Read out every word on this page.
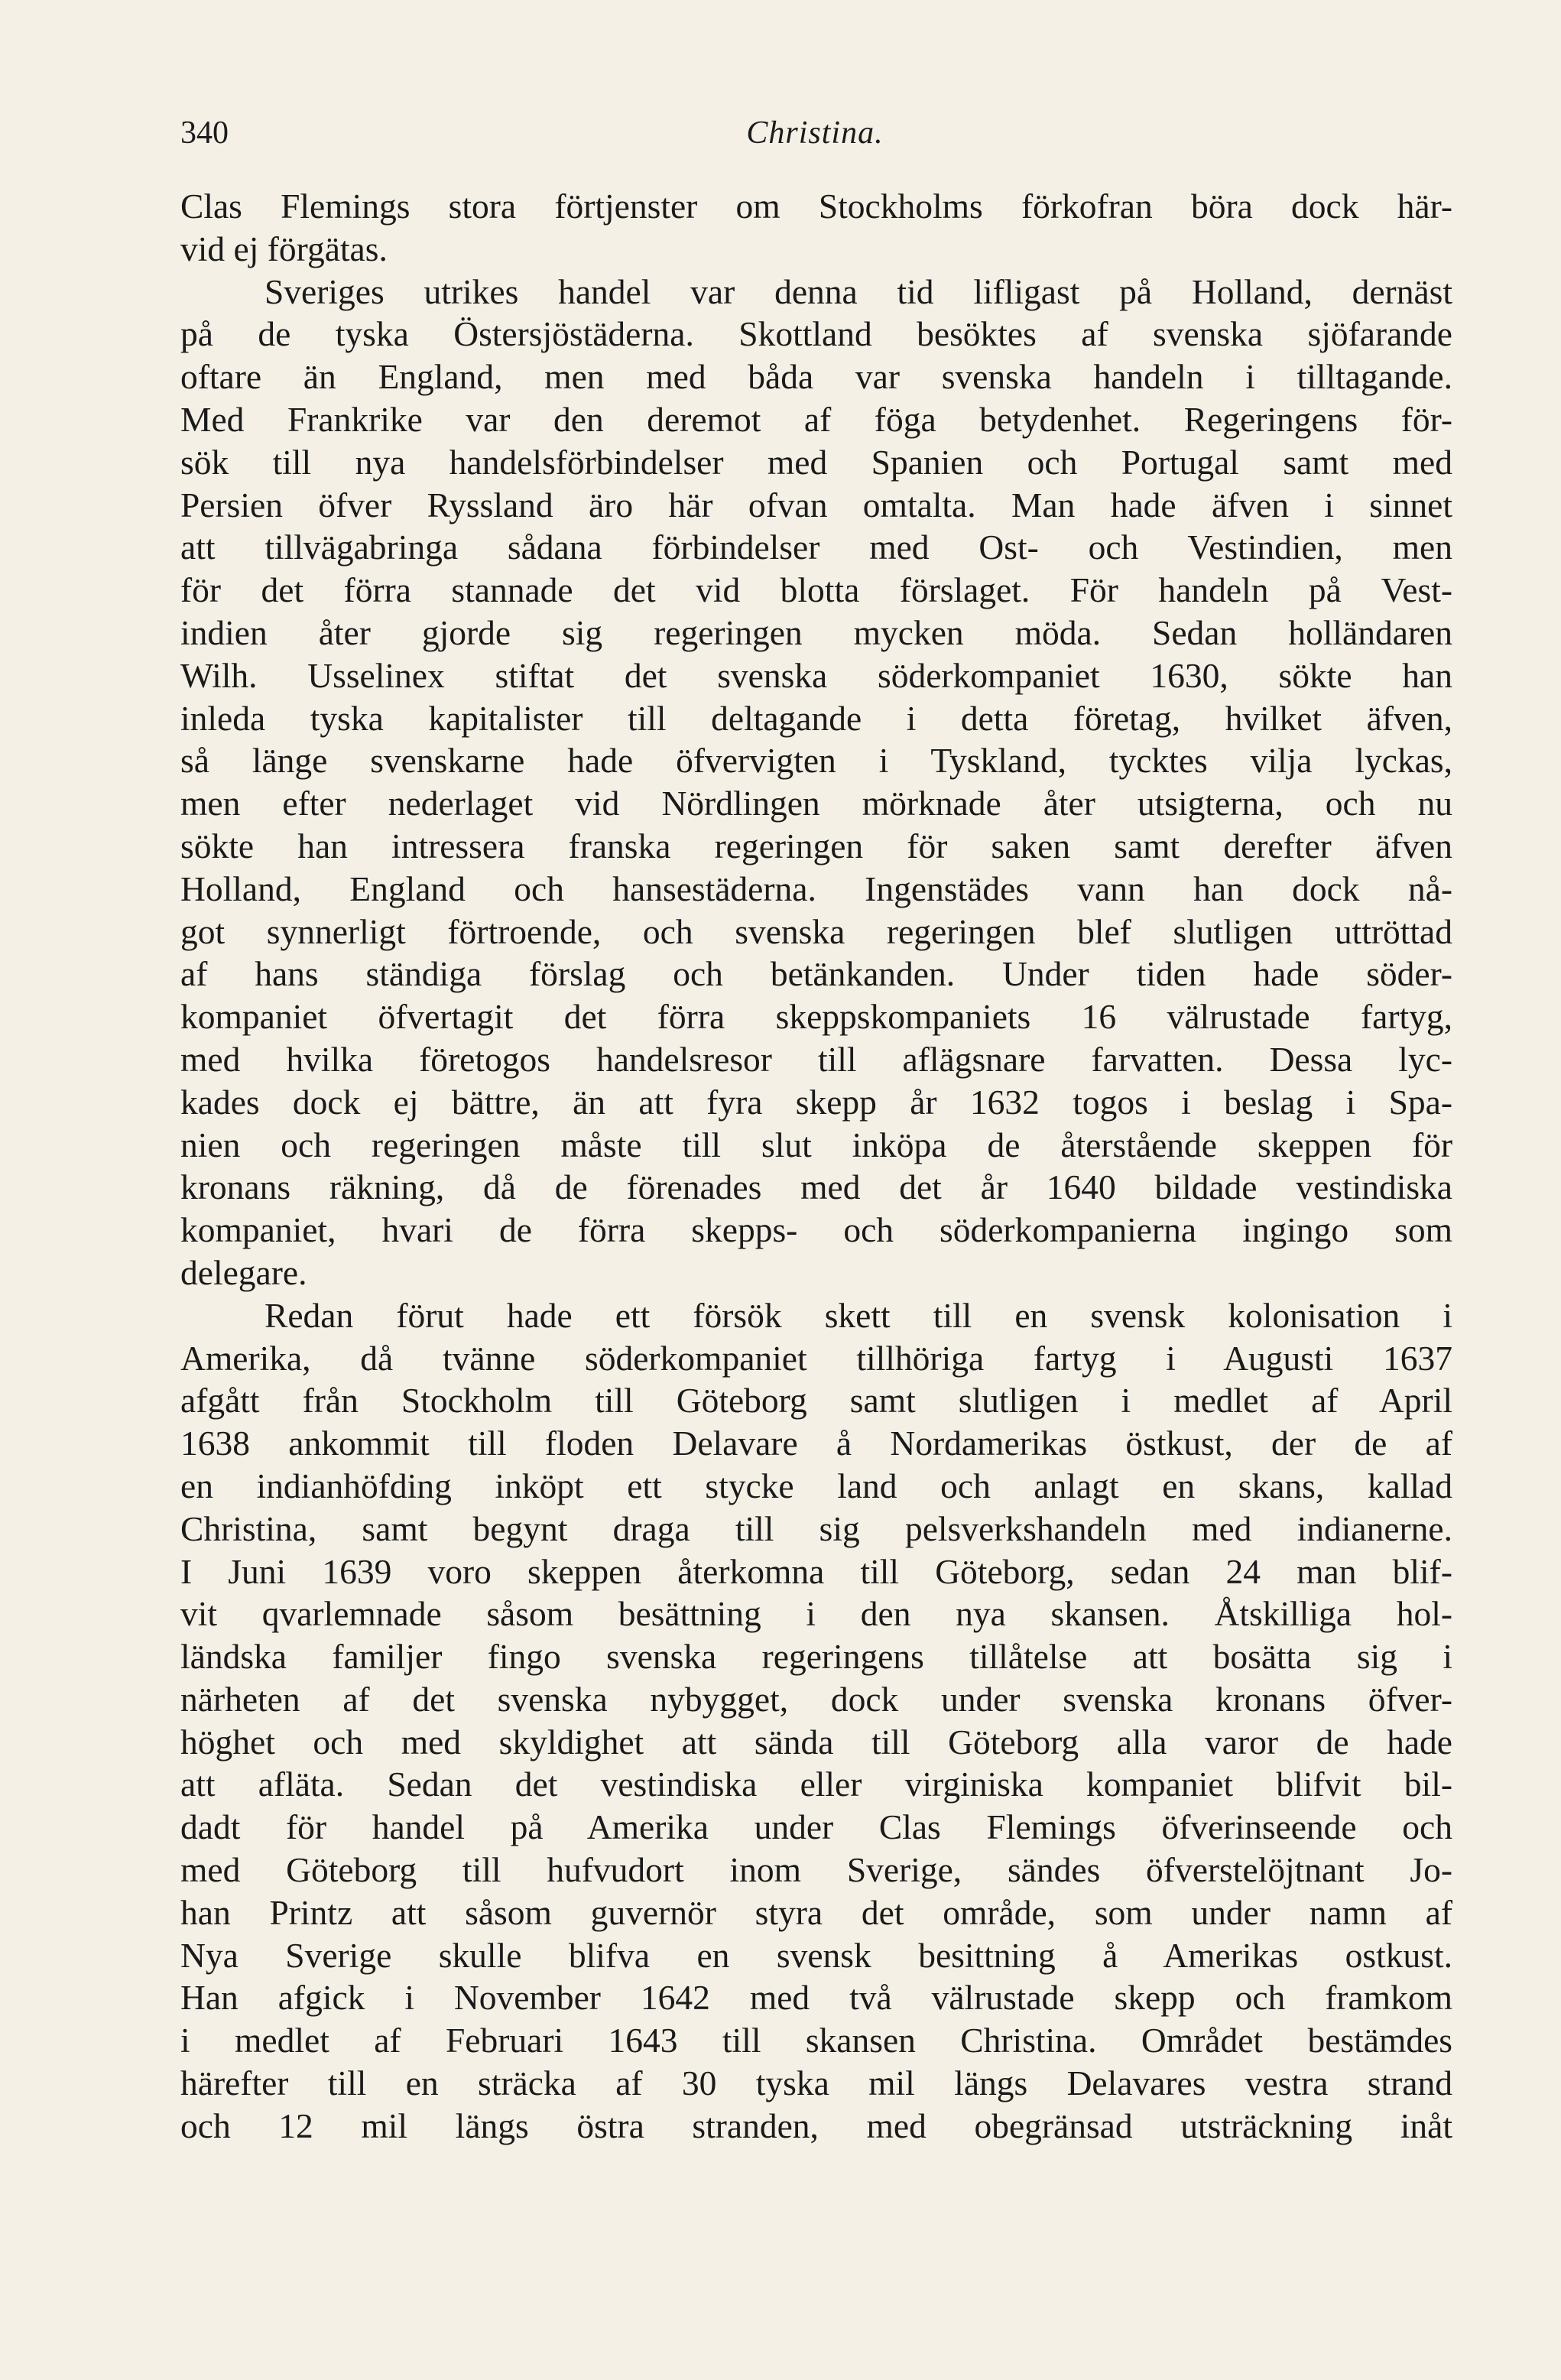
340	Christina.
Clas Flemings stora förtjenster om Stockholms förkofran böra dock här-
vid ej förgätas.
Sveriges utrikes handel var denna tid lifligast på Holland, dernäst
på de tyska Östersjöstäderna. Skottland besöktes af svenska sjöfarande
oftare än England, men med båda var svenska handeln i tilltagande.
Med Frankrike var den deremot af föga betydenhet. Regeringens för-
sök till nya handelsförbindelser med Spanien och Portugal samt med
Persien öfver Ryssland äro här ofvan omtalta. Man hade äfven i sinnet
att tillvägabringa sådana förbindelser med Ost- och Vestindien, men
för det förra stannade det vid blotta förslaget. För handeln på Vest-
indien åter gjorde sig regeringen mycken möda. Sedan holländaren
Wilh. Usselinex stiftat det svenska söderkompaniet 1630, sökte han
inleda tyska kapitalister till deltagande i detta företag, hvilket äfven,
så länge svenskarne hade öfvervigten i Tyskland, tycktes vilja lyckas,
men efter nederlaget vid Nördlingen mörknade åter utsigterna, och nu
sökte han intressera franska regeringen för saken samt derefter äfven
Holland, England och hansestäderna. Ingenstädes vann han dock nå-
got synnerligt förtroende, och svenska regeringen blef slutligen uttröttad
af hans ständiga förslag och betänkanden. Under tiden hade söder-
kompaniet öfvertagit det förra skeppskompaniets 16 välrustade fartyg,
med hvilka företogos handelsresor till aflägsnare farvatten. Dessa lyc-
kades dock ej bättre, än att fyra skepp år 1632 togos i beslag i Spa-
nien och regeringen måste till slut inköpa de återstående skeppen för
kronans räkning, då de förenades med det år 1640 bildade vestindiska
kompaniet, hvari de förra skepps- och söderkompanierna ingingo som
delegare.
Redan förut hade ett försök skett till en svensk kolonisation i
Amerika, då tvänne söderkompaniet tillhöriga fartyg i Augusti 1637
afgått från Stockholm till Göteborg samt slutligen i medlet af April
1638 ankommit till floden Delavare å Nordamerikas östkust, der de af
en indianhöfding inköpt ett stycke land och anlagt en skans, kallad
Christina, samt begynt draga till sig pelsverkshandeln med indianerne.
I Juni 1639 voro skeppen återkomna till Göteborg, sedan 24 man blif-
vit qvarlemnade såsom besättning i den nya skansen. Åtskilliga hol-
ländska familjer fingo svenska regeringens tillåtelse att bosätta sig i
närheten af det svenska nybygget, dock under svenska kronans öfver-
höghet och med skyldighet att sända till Göteborg alla varor de hade
att afläta. Sedan det vestindiska eller virginiska kompaniet blifvit bil-
dadt för handel på Amerika under Clas Flemings öfverinseende och
med Göteborg till hufvudort inom Sverige, sändes öfverstelöjtnant Jo-
han Printz att såsom guvernör styra det område, som under namn af
Nya Sverige skulle blifva en svensk besittning å Amerikas ostkust.
Han afgick i November 1642 med två välrustade skepp och framkom
i medlet af Februari 1643 till skansen Christina. Området bestämdes
härefter till en sträcka af 30 tyska mil längs Delavares vestra strand
och 12 mil längs östra stranden, med obegränsad utsträckning inåt
